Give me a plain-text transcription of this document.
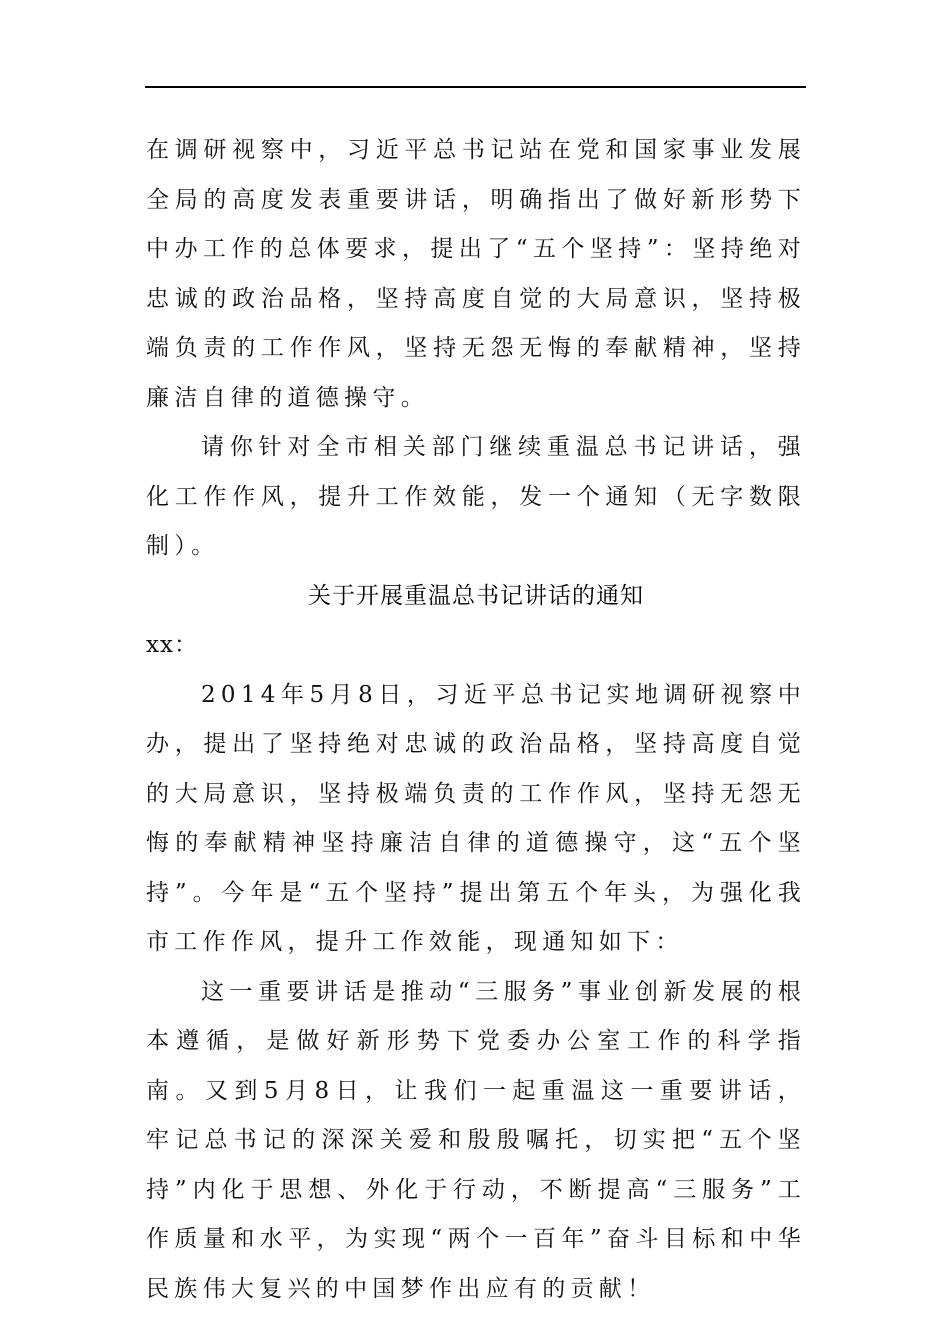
在调研视察中，习近平总书记站在党和国家事业发展全局的高度发表重要讲话，明确指出了做好新形势下中办工作的总体要求，提出了“五个坚持”：坚持绝对忠诚的政治品格，坚持高度自觉的大局意识，坚持极端负责的工作作风，坚持无怨无悔的奉献精神，坚持廉洁自律的道德操守。

请你针对全市相关部门继续重温总书记讲话，强化工作作风，提升工作效能，发一个通知（无字数限制）。

关于开展重温总书记讲话的通知

xx：

2014年5月8日，习近平总书记实地调研视察中办，提出了坚持绝对忠诚的政治品格，坚持高度自觉的大局意识，坚持极端负责的工作作风，坚持无怨无悔的奉献精神坚持廉洁自律的道德操守，这“五个坚持”。今年是“五个坚持”提出第五个年头，为强化我市工作作风，提升工作效能，现通知如下：

这一重要讲话是推动“三服务”事业创新发展的根本遵循，是做好新形势下党委办公室工作的科学指南。又到5月8日，让我们一起重温这一重要讲话，牢记总书记的深深关爱和殷殷嘱托，切实把“五个坚持”内化于思想、外化于行动，不断提高“三服务”工作质量和水平，为实现“两个一百年”奋斗目标和中华民族伟大复兴的中国梦作出应有的贡献！
